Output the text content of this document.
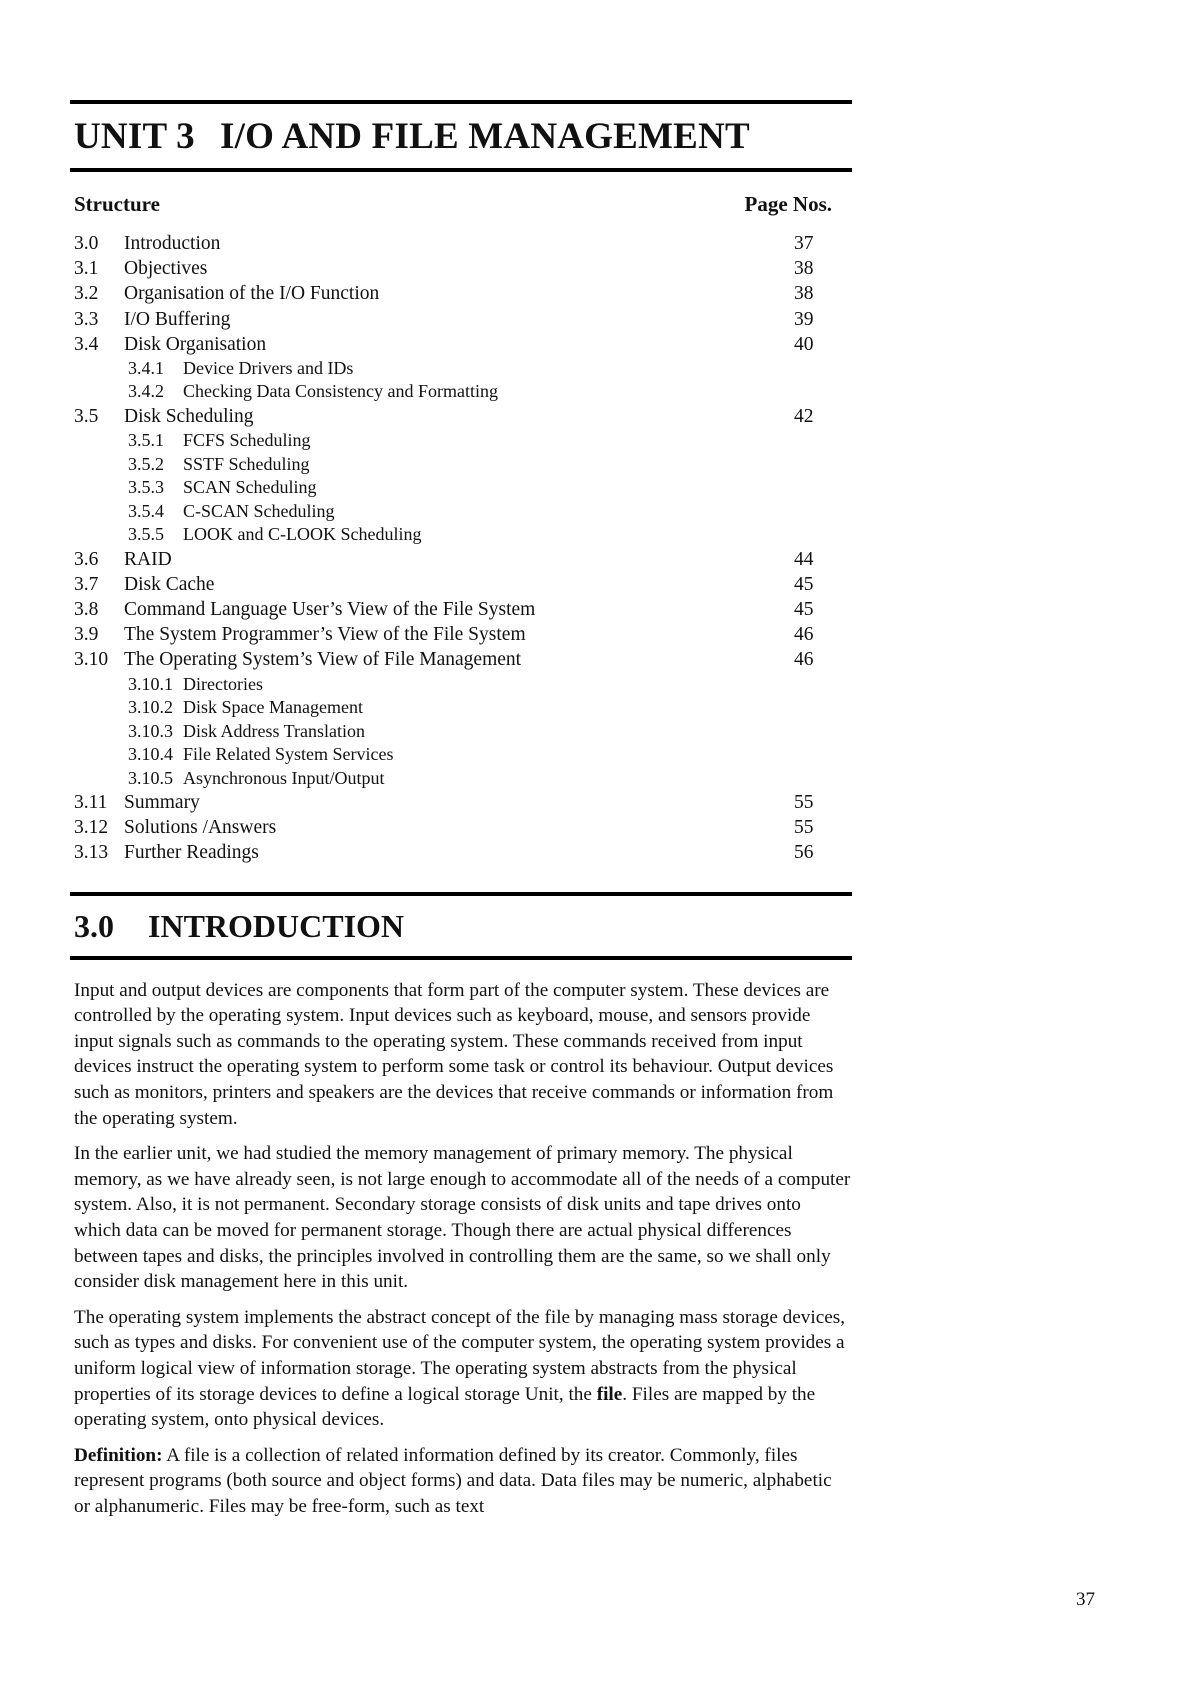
UNIT 3 I/O AND FILE MANAGEMENT
Structure	Page Nos.
3.0	Introduction	37
3.1	Objectives	38
3.2	Organisation of the I/O Function	38
3.3	I/O Buffering	39
3.4	Disk Organisation	40
3.4.1	Device Drivers and IDs
3.4.2	Checking Data Consistency and Formatting
3.5	Disk Scheduling	42
3.5.1	FCFS Scheduling
3.5.2	SSTF Scheduling
3.5.3	SCAN Scheduling
3.5.4	C-SCAN Scheduling
3.5.5	LOOK and C-LOOK Scheduling
3.6	RAID	44
3.7	Disk Cache	45
3.8	Command Language User’s View of the File System	45
3.9	The System Programmer’s View of the File System	46
3.10 The Operating System’s View of File Management	46
3.10.1 Directories
3.10.2 Disk Space Management
3.10.3 Disk Address Translation
3.10.4 File Related System Services
3.10.5 Asynchronous Input/Output
3.11 Summary	55
3.12 Solutions /Answers	55
3.13 Further Readings	56
3.0 INTRODUCTION

Input and output devices are components that form part of the computer system. These devices are controlled by the operating system. Input devices such as keyboard, mouse, and sensors provide input signals such as commands to the operating system. These commands received from input devices instruct the operating system to perform some task or control its behaviour. Output devices such as monitors, printers and speakers are the devices that receive commands or information from the operating system.

In the earlier unit, we had studied the memory management of primary memory. The physical memory, as we have already seen, is not large enough to accommodate all of the needs of a computer system. Also, it is not permanent. Secondary storage consists of disk units and tape drives onto which data can be moved for permanent storage. Though there are actual physical differences between tapes and disks, the principles involved in controlling them are the same, so we shall only consider disk management here in this unit.

The operating system implements the abstract concept of the file by managing mass storage devices, such as types and disks. For convenient use of the computer system, the operating system provides a uniform logical view of information storage. The operating system abstracts from the physical properties of its storage devices to define a logical storage Unit, the file. Files are mapped by the operating system, onto physical devices.

Definition: A file is a collection of related information defined by its creator. Commonly, files represent programs (both source and object forms) and data. Data files may be numeric, alphabetic or alphanumeric. Files may be free-form, such as text

37
